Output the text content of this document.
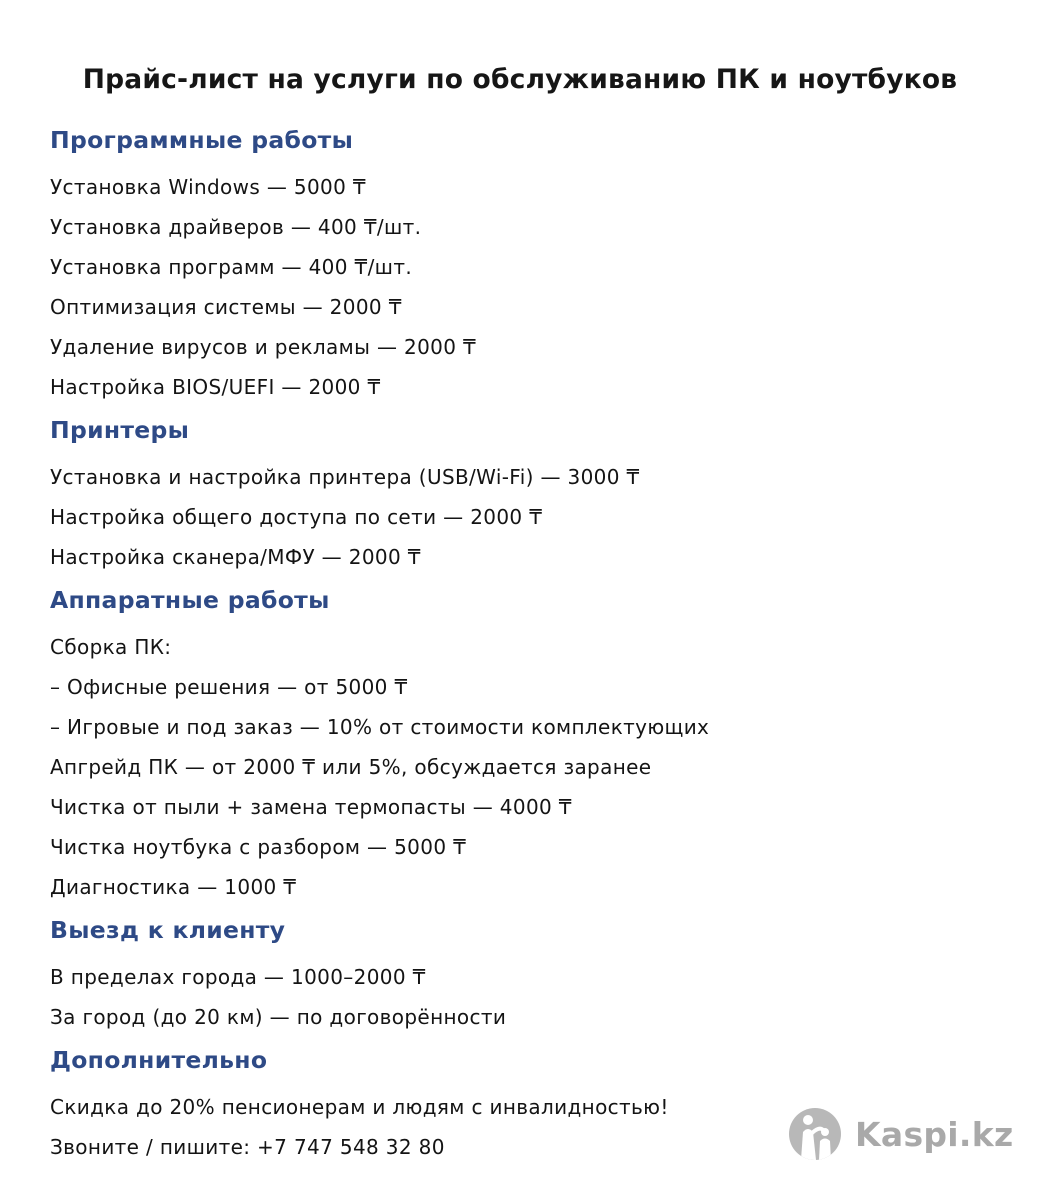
Прайс-лист на услуги по обслуживанию ПК и ноутбуков
Программные работы

Установка Windows — 5000 ₸

Установка драйверов — 400 ₸/шт.

Установка программ — 400 ₸/шт.

Оптимизация системы — 2000 ₸

Удаление вирусов и рекламы — 2000 ₸

Настройка BIOS/UEFI — 2000 ₸

Принтеры

Установка и настройка принтера (USB/Wi-Fi) — 3000 ₸

Настройка общего доступа по сети — 2000 ₸

Настройка сканера/МФУ — 2000 ₸

Аппаратные работы

Сборка ПК:

– Офисные решения — от 5000 ₸

– Игровые и под заказ — 10% от стоимости комплектующих

Апгрейд ПК — от 2000 ₸ или 5%, обсуждается заранее

Чистка от пыли + замена термопасты — 4000 ₸

Чистка ноутбука с разбором — 5000 ₸

Диагностика — 1000 ₸

Выезд к клиенту

В пределах города — 1000–2000 ₸

За город (до 20 км) — по договорённости

Дополнительно

Скидка до 20% пенсионерам и людям с инвалидностью!

Звоните / пишите: +7 747 548 32 80	Kaspi.kz
